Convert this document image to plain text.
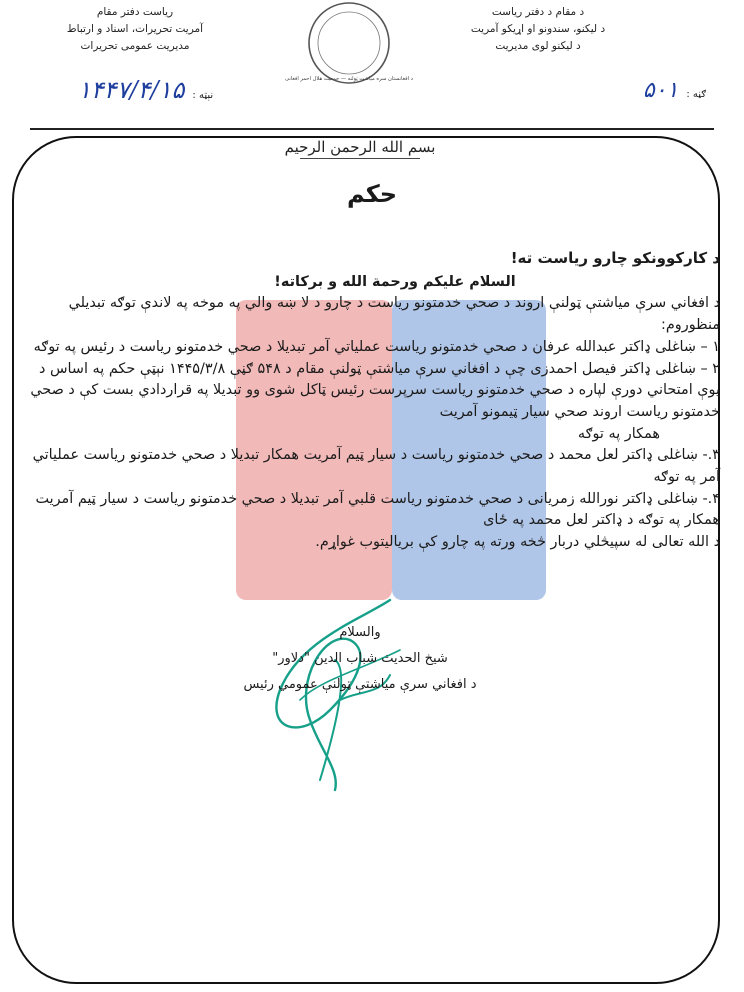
د مقام د دفتر ریاست
د لیکنو، سندونو او اړیکو آمریت
د لیکنو لوی مدیریت
ریاست دفتر مقام
آمریت تحریرات، اسناد و ارتباط
مدیریت عمومی تحریرات
د افغانستان سره میاشت ټولنه — جمعیت هلال احمر افغانی
ګڼه :
۵۰۱
نېټه :
۱۴۴۷/۴/۱۵
بسم الله الرحمن الرحیم
حکم

د کارکوونکو چارو ریاست ته!

السلام علیکم ورحمة الله و برکاته!

د افغاني سرې میاشتې ټولنې اروند د صحي خدمتونو ریاست د چارو د لا ښه والي په موخه په لاندې توګه تبدیلي منظوروم:

۱ – ښاغلی ډاکتر عبدالله عرفان د صحي خدمتونو ریاست عملیاتي آمر تبدیلا د صحي خدمتونو ریاست د رئیس په توګه

۲ – ښاغلی ډاکتر فیصل احمدزی چې د افغاني سرې میاشتې ټولنې مقام د ۵۴۸ ګڼې ۱۴۴۵/۳/۸ نېټې حکم په اساس د یوې امتحاني دورې لپاره د صحي خدمتونو ریاست سرپرست رئیس ټاکل شوی وو تبدیلا په قراردادي بست کې د صحي خدمتونو ریاست اروند صحي سیار ټیمونو آمریت

همکار په توګه

۳.- ښاغلی ډاکتر لعل محمد د صحي خدمتونو ریاست د سیار ټیم آمریت همکار تبدیلا د صحي خدمتونو ریاست عملیاتي آمر په توګه

۴.- ښاغلی ډاکتر نورالله زمریانی د صحي خدمتونو ریاست قلبي آمر تبدیلا د صحي خدمتونو ریاست د سیار ټیم آمریت همکار په توګه د ډاکتر لعل محمد په ځای

د الله تعالی له سپیڅلي دربار څخه ورته په چارو کې بریالیتوب غواړم.

والسلام
شیخ الحدیث شباب الدین "دلاور"
د افغاني سرې میاشتې ټولنې عمومي رئیس
